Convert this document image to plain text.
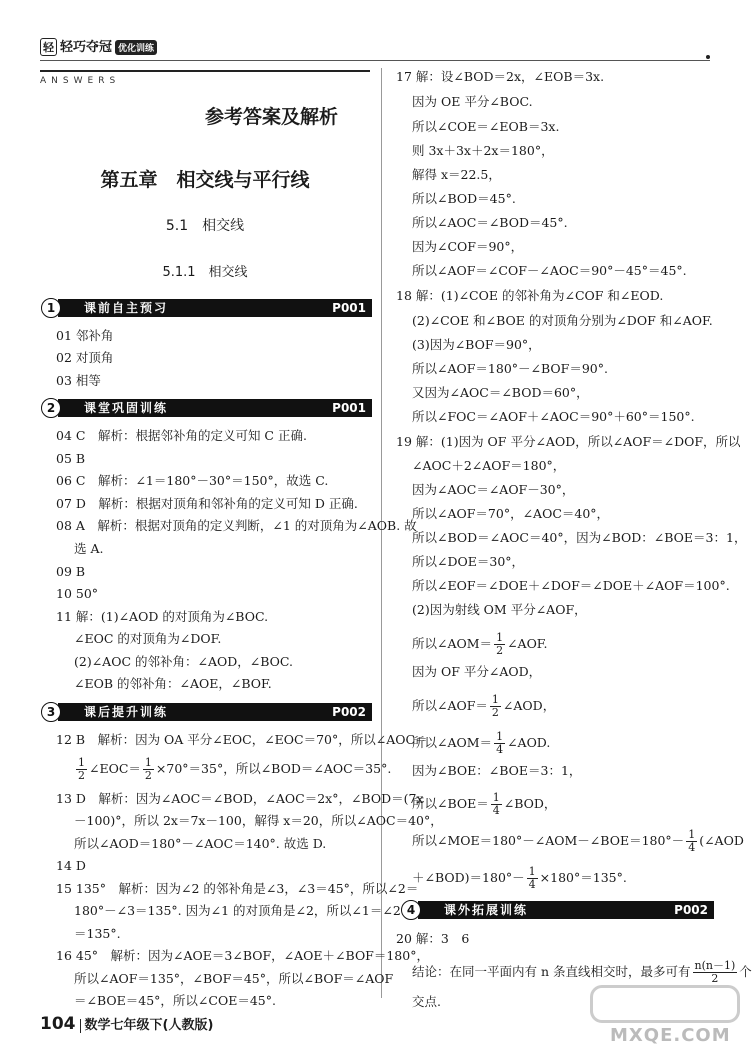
轻 轻巧夺冠 优化训练
ANSWERS
参考答案及解析
第五章　相交线与平行线
5.1　相交线
5.1.1　相交线
1	课前自主预习	P001
2	课堂巩固训练	P001
3	课后提升训练	P002
4	课外拓展训练	P002
01 邻补角
02 对顶角
03 相等
04 C　解析：根据邻补角的定义可知 C 正确.
05 B
06 C　解析：∠1＝180°－30°＝150°，故选 C.
07 D　解析：根据对顶角和邻补角的定义可知 D 正确.
08 A　解析：根据对顶角的定义判断，∠1 的对顶角为∠AOB. 故
选 A.
09 B
10 50°
11 解：(1)∠AOD 的对顶角为∠BOC.
∠EOC 的对顶角为∠DOF.
(2)∠AOC 的邻补角：∠AOD，∠BOC.
∠EOB 的邻补角：∠AOE，∠BOF.
12 B　解析：因为 OA 平分∠EOC，∠EOC＝70°，所以∠AOC＝
$\frac{1}{2}$ ∠EOC＝ $\frac{1}{2} \times 70^\circ=35^\circ$，所以∠BOD＝∠AOC＝35°.
13 D　解析：因为∠AOC＝∠BOD，∠AOC＝2x°，∠BOD＝(7x
－100)°，所以 2x＝7x－100，解得 x＝20，所以∠AOC＝40°，
所以∠AOD＝180°－∠AOC＝140°. 故选 D.
14 D
15 135°　解析：因为∠2 的邻补角是∠3，∠3＝45°，所以∠2＝
180°－∠3＝135°. 因为∠1 的对顶角是∠2，所以∠1＝∠2
＝135°.
16 45°　解析：因为∠AOE＝3∠BOF，∠AOE＋∠BOF＝180°，
所以∠AOF＝135°，∠BOF＝45°，所以∠BOF＝∠AOF
＝∠BOE＝45°，所以∠COE＝45°.
17 解：设∠BOD＝2x，∠EOB＝3x.
因为 OE 平分∠BOC.
所以∠COE＝∠EOB＝3x.
则 3x＋3x＋2x＝180°，
解得 x＝22.5，
所以∠BOD＝45°.
所以∠AOC＝∠BOD＝45°.
因为∠COF＝90°，
所以∠AOF＝∠COF－∠AOC＝90°－45°＝45°.
18 解：(1)∠COE 的邻补角为∠COF 和∠EOD.
(2)∠COE 和∠BOE 的对顶角分别为∠DOF 和∠AOF.
(3)因为∠BOF＝90°，
所以∠AOF＝180°－∠BOF＝90°.
又因为∠AOC＝∠BOD＝60°，
所以∠FOC＝∠AOF＋∠AOC＝90°＋60°＝150°.
19 解：(1)因为 OF 平分∠AOD，所以∠AOF＝∠DOF，所以
∠AOC＋2∠AOF＝180°，
因为∠AOC＝∠AOF－30°，
所以∠AOF＝70°，∠AOC＝40°，
所以∠BOD＝∠AOC＝40°，因为∠BOD：∠BOE＝3：1，
所以∠DOE＝30°，
所以∠EOF＝∠DOE＋∠DOF＝∠DOE＋∠AOF＝100°.
(2)因为射线 OM 平分∠AOF，
所以∠AOM＝ $\frac{1}{2}$ ∠AOF.
因为 OF 平分∠AOD，
所以∠AOF＝ $\frac{1}{2}$ ∠AOD，
所以∠AOM＝ $\frac{1}{4}$ ∠AOD.
因为∠BOE：∠BOE＝3：1，
所以∠BOE＝ $\frac{1}{4}$ ∠BOD，
所以∠MOE＝180°－∠AOM－∠BOE＝180°－ $\frac{1}{4}$ (∠AOD
＋∠BOD)＝180°－ $\frac{1}{4} \times 180^\circ=135^\circ$.
20 解：3　6
结论：在同一平面内有 n 条直线相交时，最多可有 $\frac{n(n-1)}{2}$ 个
交点.
104 数学七年级下(人教版)	MXQE.COM
